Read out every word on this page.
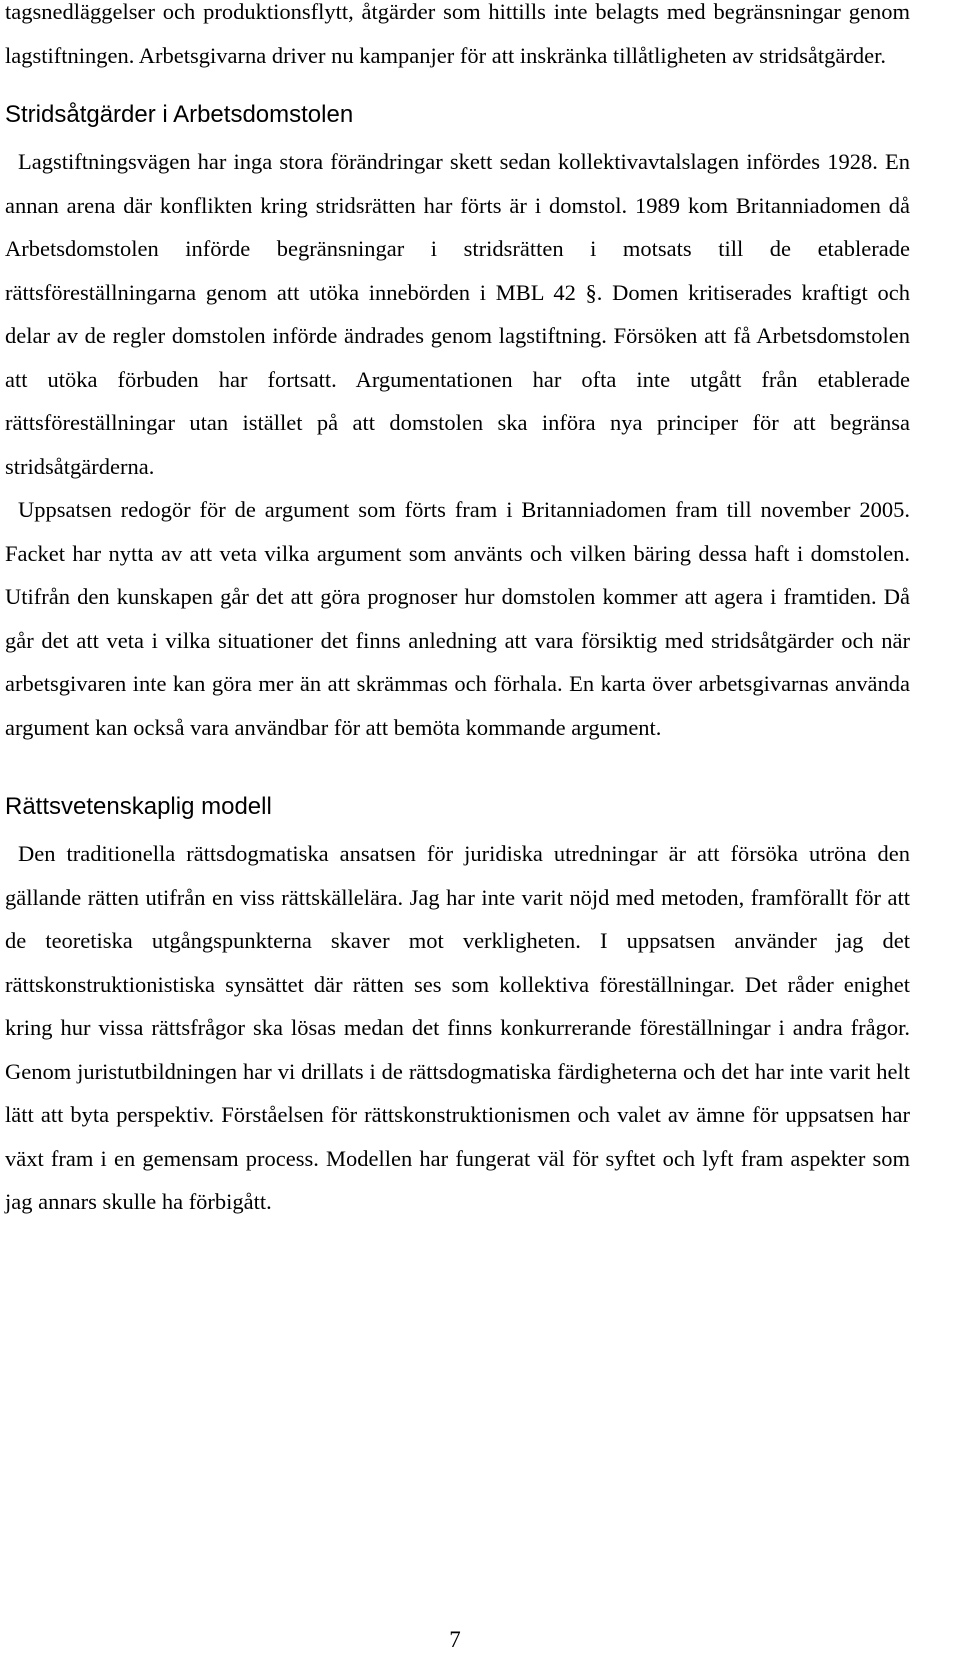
tagsnedläggelser och produktionsflytt, åtgärder som hittills inte belagts med begränsningar genom lagstiftningen. Arbetsgivarna driver nu kampanjer för att inskränka tillåtligheten av stridsåtgärder.

Stridsåtgärder i Arbetsdomstolen

Lagstiftningsvägen har inga stora förändringar skett sedan kollektivavtalslagen infördes 1928. En annan arena där konflikten kring stridsrätten har förts är i domstol. 1989 kom Britanniadomen då Arbetsdomstolen införde begränsningar i stridsrätten i motsats till de etablerade rättsföreställningarna genom att utöka innebörden i MBL 42 §. Domen kritiserades kraftigt och delar av de regler domstolen införde ändrades genom lagstiftning. Försöken att få Arbetsdomstolen att utöka förbuden har fortsatt. Argumentationen har ofta inte utgått från etablerade rättsföreställningar utan istället på att domstolen ska införa nya principer för att begränsa stridsåtgärderna.

Uppsatsen redogör för de argument som förts fram i Britanniadomen fram till november 2005. Facket har nytta av att veta vilka argument som använts och vilken bäring dessa haft i domstolen. Utifrån den kunskapen går det att göra prognoser hur domstolen kommer att agera i framtiden. Då går det att veta i vilka situationer det finns anledning att vara försiktig med stridsåtgärder och när arbetsgivaren inte kan göra mer än att skrämmas och förhala. En karta över arbetsgivarnas använda argument kan också vara användbar för att bemöta kommande argument.

Rättsvetenskaplig modell

Den traditionella rättsdogmatiska ansatsen för juridiska utredningar är att försöka utröna den gällande rätten utifrån en viss rättskällelära. Jag har inte varit nöjd med metoden, framförallt för att de teoretiska utgångspunkterna skaver mot verkligheten. I uppsatsen använder jag det rättskonstruktionistiska synsättet där rätten ses som kollektiva föreställningar. Det råder enighet kring hur vissa rättsfrågor ska lösas medan det finns konkurrerande föreställningar i andra frågor. Genom juristutbildningen har vi drillats i de rättsdogmatiska färdigheterna och det har inte varit helt lätt att byta perspektiv. Förståelsen för rättskonstruktionismen och valet av ämne för uppsatsen har växt fram i en gemensam process. Modellen har fungerat väl för syftet och lyft fram aspekter som jag annars skulle ha förbigått.

7
